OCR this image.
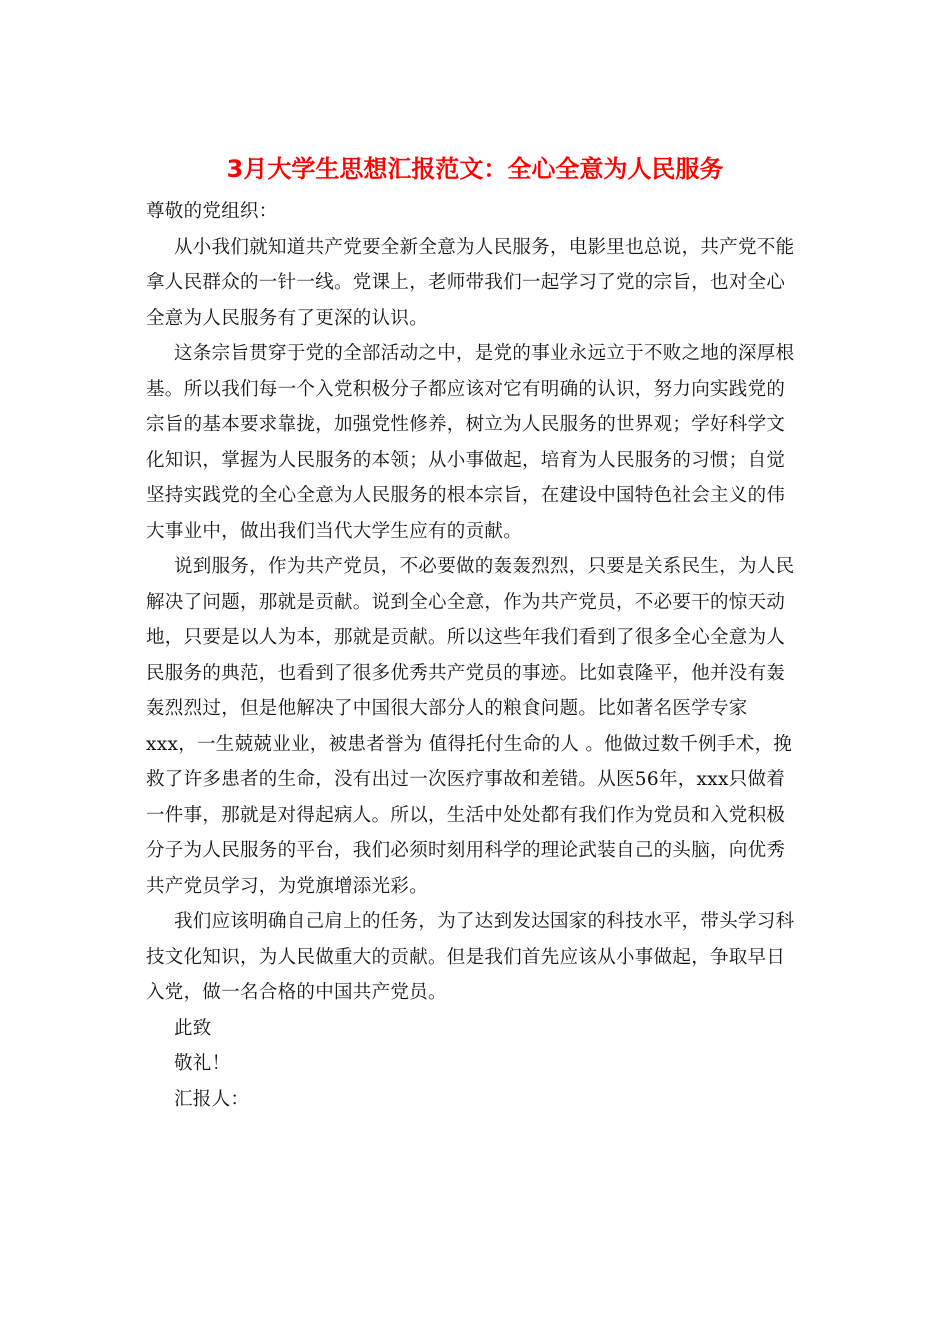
3月大学生思想汇报范文：全心全意为人民服务
尊敬的党组织：
从小我们就知道共产党要全新全意为人民服务，电影里也总说，共产党不能
拿人民群众的一针一线。党课上，老师带我们一起学习了党的宗旨，也对全心
全意为人民服务有了更深的认识。
这条宗旨贯穿于党的全部活动之中，是党的事业永远立于不败之地的深厚根
基。所以我们每一个入党积极分子都应该对它有明确的认识，努力向实践党的
宗旨的基本要求靠拢，加强党性修养，树立为人民服务的世界观；学好科学文
化知识，掌握为人民服务的本领；从小事做起，培育为人民服务的习惯；自觉
坚持实践党的全心全意为人民服务的根本宗旨，在建设中国特色社会主义的伟
大事业中，做出我们当代大学生应有的贡献。
说到服务，作为共产党员，不必要做的轰轰烈烈，只要是关系民生，为人民
解决了问题，那就是贡献。说到全心全意，作为共产党员，不必要干的惊天动
地，只要是以人为本，那就是贡献。所以这些年我们看到了很多全心全意为人
民服务的典范，也看到了很多优秀共产党员的事迹。比如袁隆平，他并没有轰
轰烈烈过，但是他解决了中国很大部分人的粮食问题。比如著名医学专家
xxx，一生兢兢业业，被患者誉为 值得托付生命的人 。他做过数千例手术，挽
救了许多患者的生命，没有出过一次医疗事故和差错。从医56年，xxx只做着
一件事，那就是对得起病人。所以，生活中处处都有我们作为党员和入党积极
分子为人民服务的平台，我们必须时刻用科学的理论武装自己的头脑，向优秀
共产党员学习，为党旗增添光彩。
我们应该明确自己肩上的任务，为了达到发达国家的科技水平，带头学习科
技文化知识，为人民做重大的贡献。但是我们首先应该从小事做起，争取早日
入党，做一名合格的中国共产党员。
此致
敬礼！
汇报人：
